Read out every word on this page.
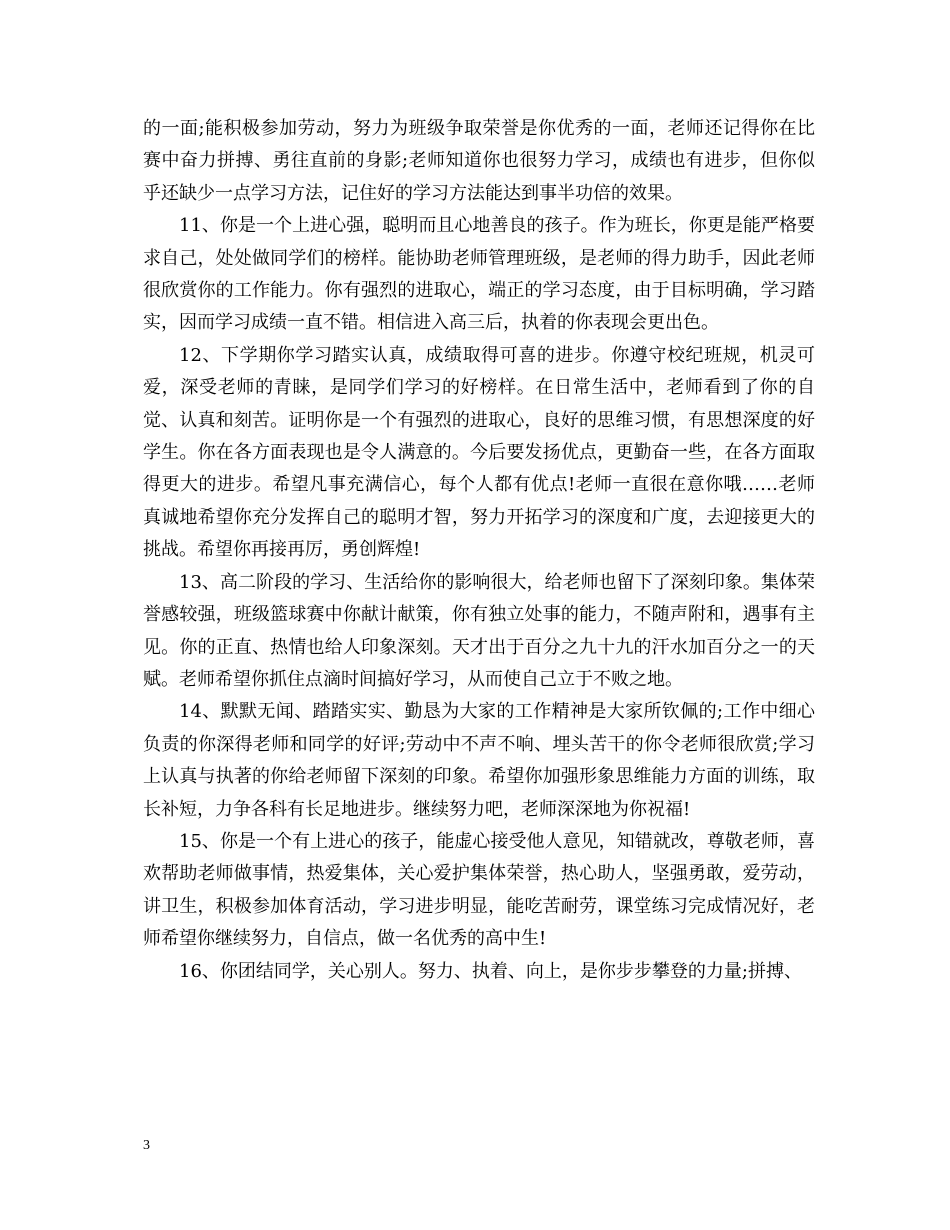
的一面;能积极参加劳动，努力为班级争取荣誉是你优秀的一面，老师还记得你在比赛中奋力拼搏、勇往直前的身影;老师知道你也很努力学习，成绩也有进步，但你似乎还缺少一点学习方法，记住好的学习方法能达到事半功倍的效果。

11、你是一个上进心强，聪明而且心地善良的孩子。作为班长，你更是能严格要求自己，处处做同学们的榜样。能协助老师管理班级，是老师的得力助手，因此老师很欣赏你的工作能力。你有强烈的进取心，端正的学习态度，由于目标明确，学习踏实，因而学习成绩一直不错。相信进入高三后，执着的你表现会更出色。

12、下学期你学习踏实认真，成绩取得可喜的进步。你遵守校纪班规，机灵可爱，深受老师的青睐，是同学们学习的好榜样。在日常生活中，老师看到了你的自觉、认真和刻苦。证明你是一个有强烈的进取心，良好的思维习惯，有思想深度的好学生。你在各方面表现也是令人满意的。今后要发扬优点，更勤奋一些，在各方面取得更大的进步。希望凡事充满信心，每个人都有优点!老师一直很在意你哦……老师真诚地希望你充分发挥自己的聪明才智，努力开拓学习的深度和广度，去迎接更大的挑战。希望你再接再厉，勇创辉煌!

13、高二阶段的学习、生活给你的影响很大，给老师也留下了深刻印象。集体荣誉感较强，班级篮球赛中你献计献策，你有独立处事的能力，不随声附和，遇事有主见。你的正直、热情也给人印象深刻。天才出于百分之九十九的汗水加百分之一的天赋。老师希望你抓住点滴时间搞好学习，从而使自己立于不败之地。

14、默默无闻、踏踏实实、勤恳为大家的工作精神是大家所钦佩的;工作中细心负责的你深得老师和同学的好评;劳动中不声不响、埋头苦干的你令老师很欣赏;学习上认真与执著的你给老师留下深刻的印象。希望你加强形象思维能力方面的训练，取长补短，力争各科有长足地进步。继续努力吧，老师深深地为你祝福!

15、你是一个有上进心的孩子，能虚心接受他人意见，知错就改，尊敬老师，喜欢帮助老师做事情，热爱集体，关心爱护集体荣誉，热心助人，坚强勇敢，爱劳动，讲卫生，积极参加体育活动，学习进步明显，能吃苦耐劳，课堂练习完成情况好，老师希望你继续努力，自信点，做一名优秀的高中生!

16、你团结同学，关心别人。努力、执着、向上，是你步步攀登的力量;拼搏、

3
